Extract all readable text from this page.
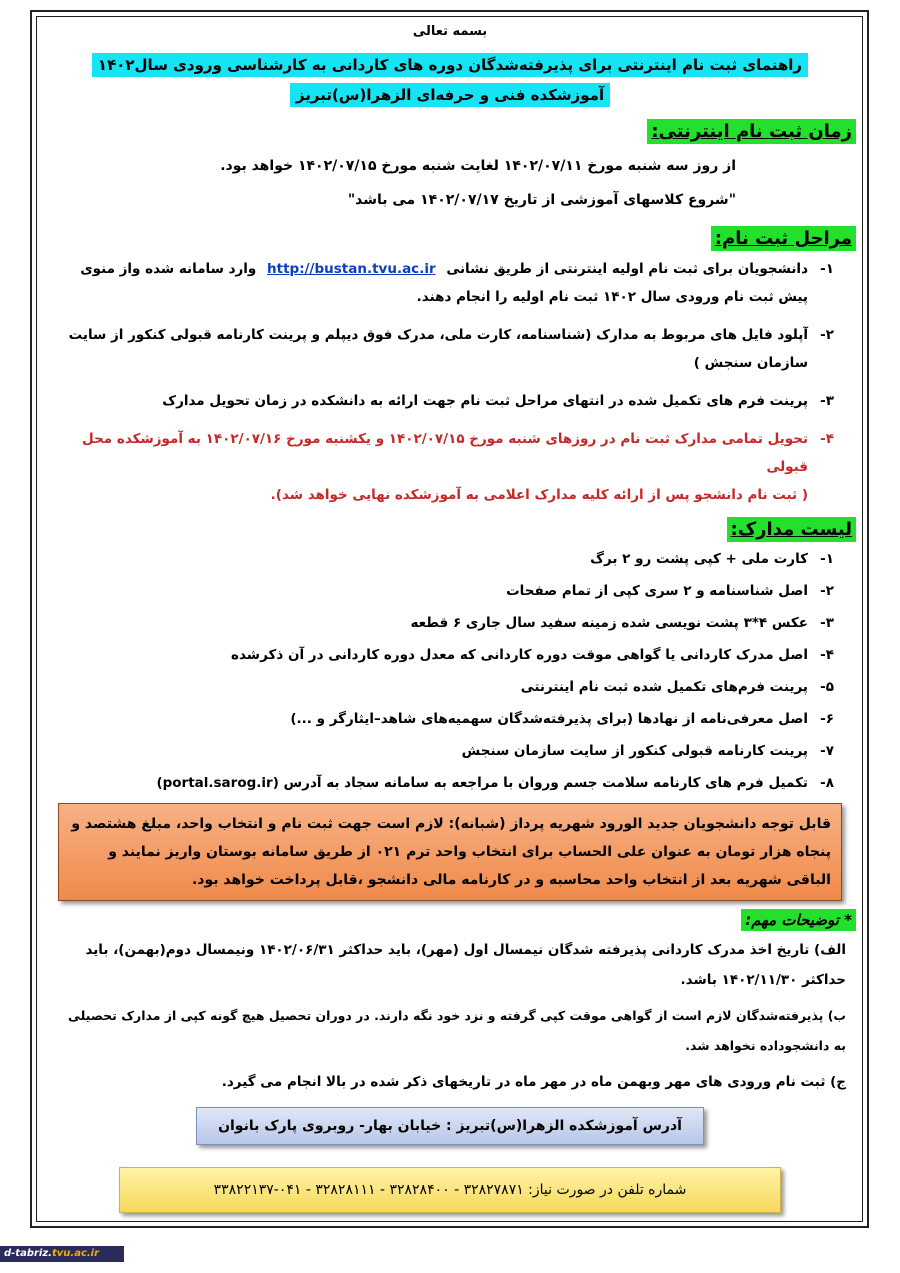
بسمه تعالی
راهنمای ثبت نام اینترنتی برای پذیرفته‌شدگان دوره های کاردانی به کارشناسی ورودی سال۱۴۰۲
آموزشکده فنی و حرفه‌ای الزهرا(س)تبریز
زمان ثبت نام اینترنتی:
از روز سه شنبه مورخ ۱۴۰۲/۰۷/۱۱ لغایت شنبه مورخ ۱۴۰۲/۰۷/۱۵ خواهد بود.
"شروع کلاسهای آموزشی از تاریخ ۱۴۰۲/۰۷/۱۷ می باشد"
مراحل ثبت نام:
۱-
دانشجویان برای ثبت نام اولیه اینترنتی از طریق نشانی http://bustan.tvu.ac.ir وارد سامانه شده واز منوی پیش ثبت نام ورودی سال ۱۴۰۲ ثبت نام اولیه را انجام دهند.
۲-
آپلود فایل های مربوط به مدارک (شناسنامه، کارت ملی، مدرک فوق دیپلم و پرینت کارنامه قبولی کنکور از سایت سازمان سنجش )
۳-
پرینت فرم های تکمیل شده در انتهای مراحل ثبت نام جهت ارائه به دانشکده در زمان تحویل مدارک
۴-
تحویل تمامی مدارک ثبت نام در روزهای شنبه مورخ ۱۴۰۲/۰۷/۱۵ و یکشنبه مورخ ۱۴۰۲/۰۷/۱۶ به آموزشکده محل قبولی
( ثبت نام دانشجو پس از ارائه کلیه مدارک اعلامی به آموزشکده نهایی خواهد شد).
لیست مدارک:
۱-
کارت ملی + کپی پشت رو ۲ برگ
۲-
اصل شناسنامه و ۲ سری کپی از تمام صفحات
۳-
عکس ۴*۳ پشت نویسی شده زمینه سفید سال جاری ۶ قطعه
۴-
اصل مدرک کاردانی یا گواهی موقت دوره کاردانی که معدل دوره کاردانی در آن ذکرشده
۵-
پرینت فرم‌های تکمیل شده ثبت نام اینترنتی
۶-
اصل معرفی‌نامه از نهادها (برای پذیرفته‌شدگان سهمیه‌های شاهد–ایثارگر و ...)
۷-
پرینت کارنامه قبولی کنکور از سایت سازمان سنجش
۸-
تکمیل فرم های کارنامه سلامت جسم وروان با مراجعه به سامانه سجاد به آدرس (portal.sarog.ir)
قابل توجه دانشجویان جدید الورود شهریه پرداز (شبانه): لازم است جهت ثبت نام و انتخاب واحد، مبلغ هشتصد و پنجاه هزار تومان به عنوان علی الحساب برای انتخاب واحد ترم ۰۲۱ از طریق سامانه بوستان واریز نمایند و الباقی شهریه بعد از انتخاب واحد محاسبه و در کارنامه مالی دانشجو ،قابل پرداخت خواهد بود.
* توضیحات مهم:
الف) تاریخ اخذ مدرک کاردانی پذیرفته شدگان نیمسال اول (مهر)، باید حداکثر ۱۴۰۲/۰۶/۳۱ ونیمسال دوم(بهمن)، باید حداکثر ۱۴۰۲/۱۱/۳۰ باشد.
ب) پذیرفته‌شدگان لازم است از گواهی موقت کپی گرفته و نزد خود نگه دارند. در دوران تحصیل هیچ گونه کپی از مدارک تحصیلی به دانشجوداده نخواهد شد.
ج) ثبت نام ورودی های مهر وبهمن ماه در مهر ماه در تاریخهای ذکر شده در بالا انجام می گیرد.
آدرس آموزشکده الزهرا(س)تبریز : خیابان بهار- روبروی پارک بانوان
شماره تلفن در صورت نیاز: ۳۲۸۲۷۸۷۱ - ۳۲۸۲۸۴۰۰ - ۳۲۸۲۸۱۱۱ - ۰۴۱-۳۳۸۲۲۱۳۷
d-tabriz.tvu.ac.ir
